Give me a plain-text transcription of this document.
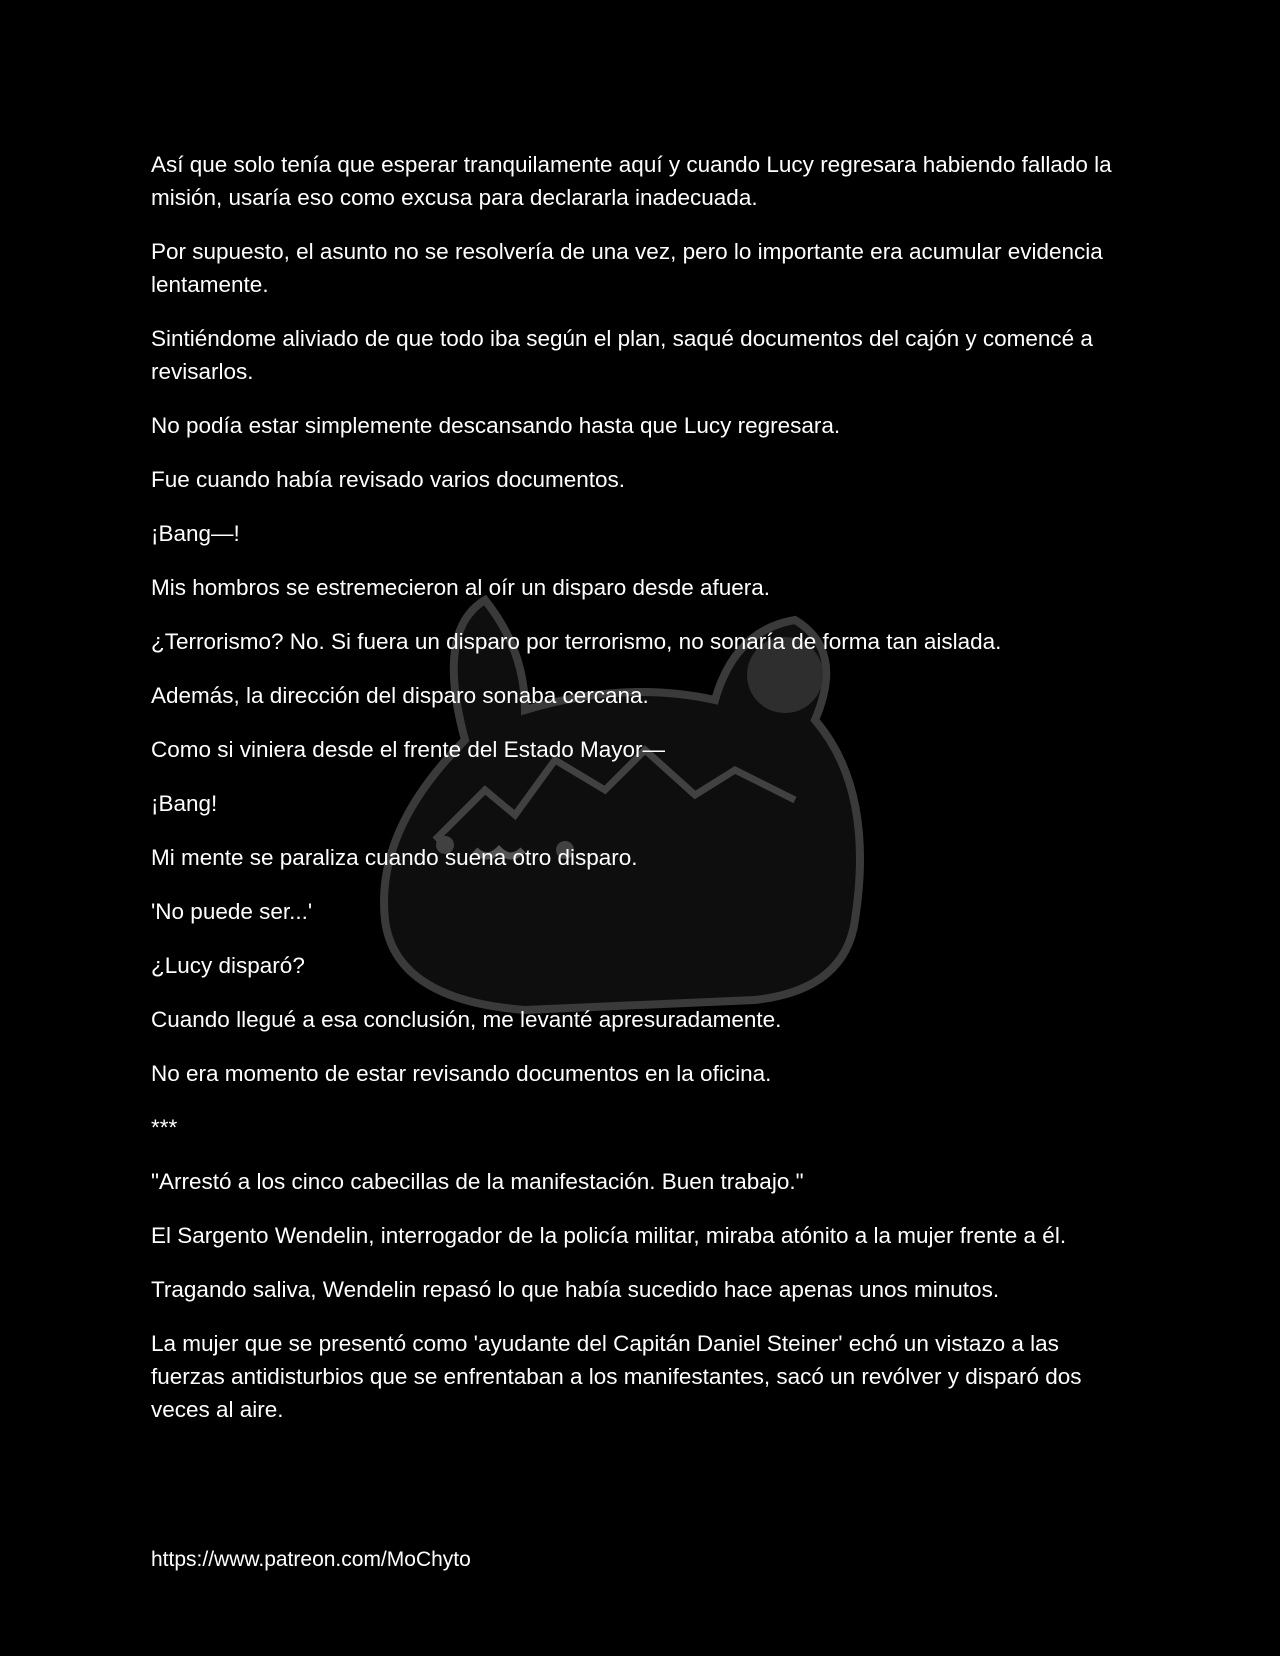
Así que solo tenía que esperar tranquilamente aquí y cuando Lucy regresara habiendo fallado la misión, usaría eso como excusa para declararla inadecuada.

Por supuesto, el asunto no se resolvería de una vez, pero lo importante era acumular evidencia lentamente.

Sintiéndome aliviado de que todo iba según el plan, saqué documentos del cajón y comencé a revisarlos.

No podía estar simplemente descansando hasta que Lucy regresara.

Fue cuando había revisado varios documentos.

¡Bang—!

Mis hombros se estremecieron al oír un disparo desde afuera.

¿Terrorismo? No. Si fuera un disparo por terrorismo, no sonaría de forma tan aislada.

Además, la dirección del disparo sonaba cercana.

Como si viniera desde el frente del Estado Mayor—

¡Bang!

Mi mente se paraliza cuando suena otro disparo.

'No puede ser...'

¿Lucy disparó?

Cuando llegué a esa conclusión, me levanté apresuradamente.

No era momento de estar revisando documentos en la oficina.

***

"Arrestó a los cinco cabecillas de la manifestación. Buen trabajo."

El Sargento Wendelin, interrogador de la policía militar, miraba atónito a la mujer frente a él.

Tragando saliva, Wendelin repasó lo que había sucedido hace apenas unos minutos.

La mujer que se presentó como 'ayudante del Capitán Daniel Steiner' echó un vistazo a las fuerzas antidisturbios que se enfrentaban a los manifestantes, sacó un revólver y disparó dos veces al aire.

https://www.patreon.com/MoChyto
